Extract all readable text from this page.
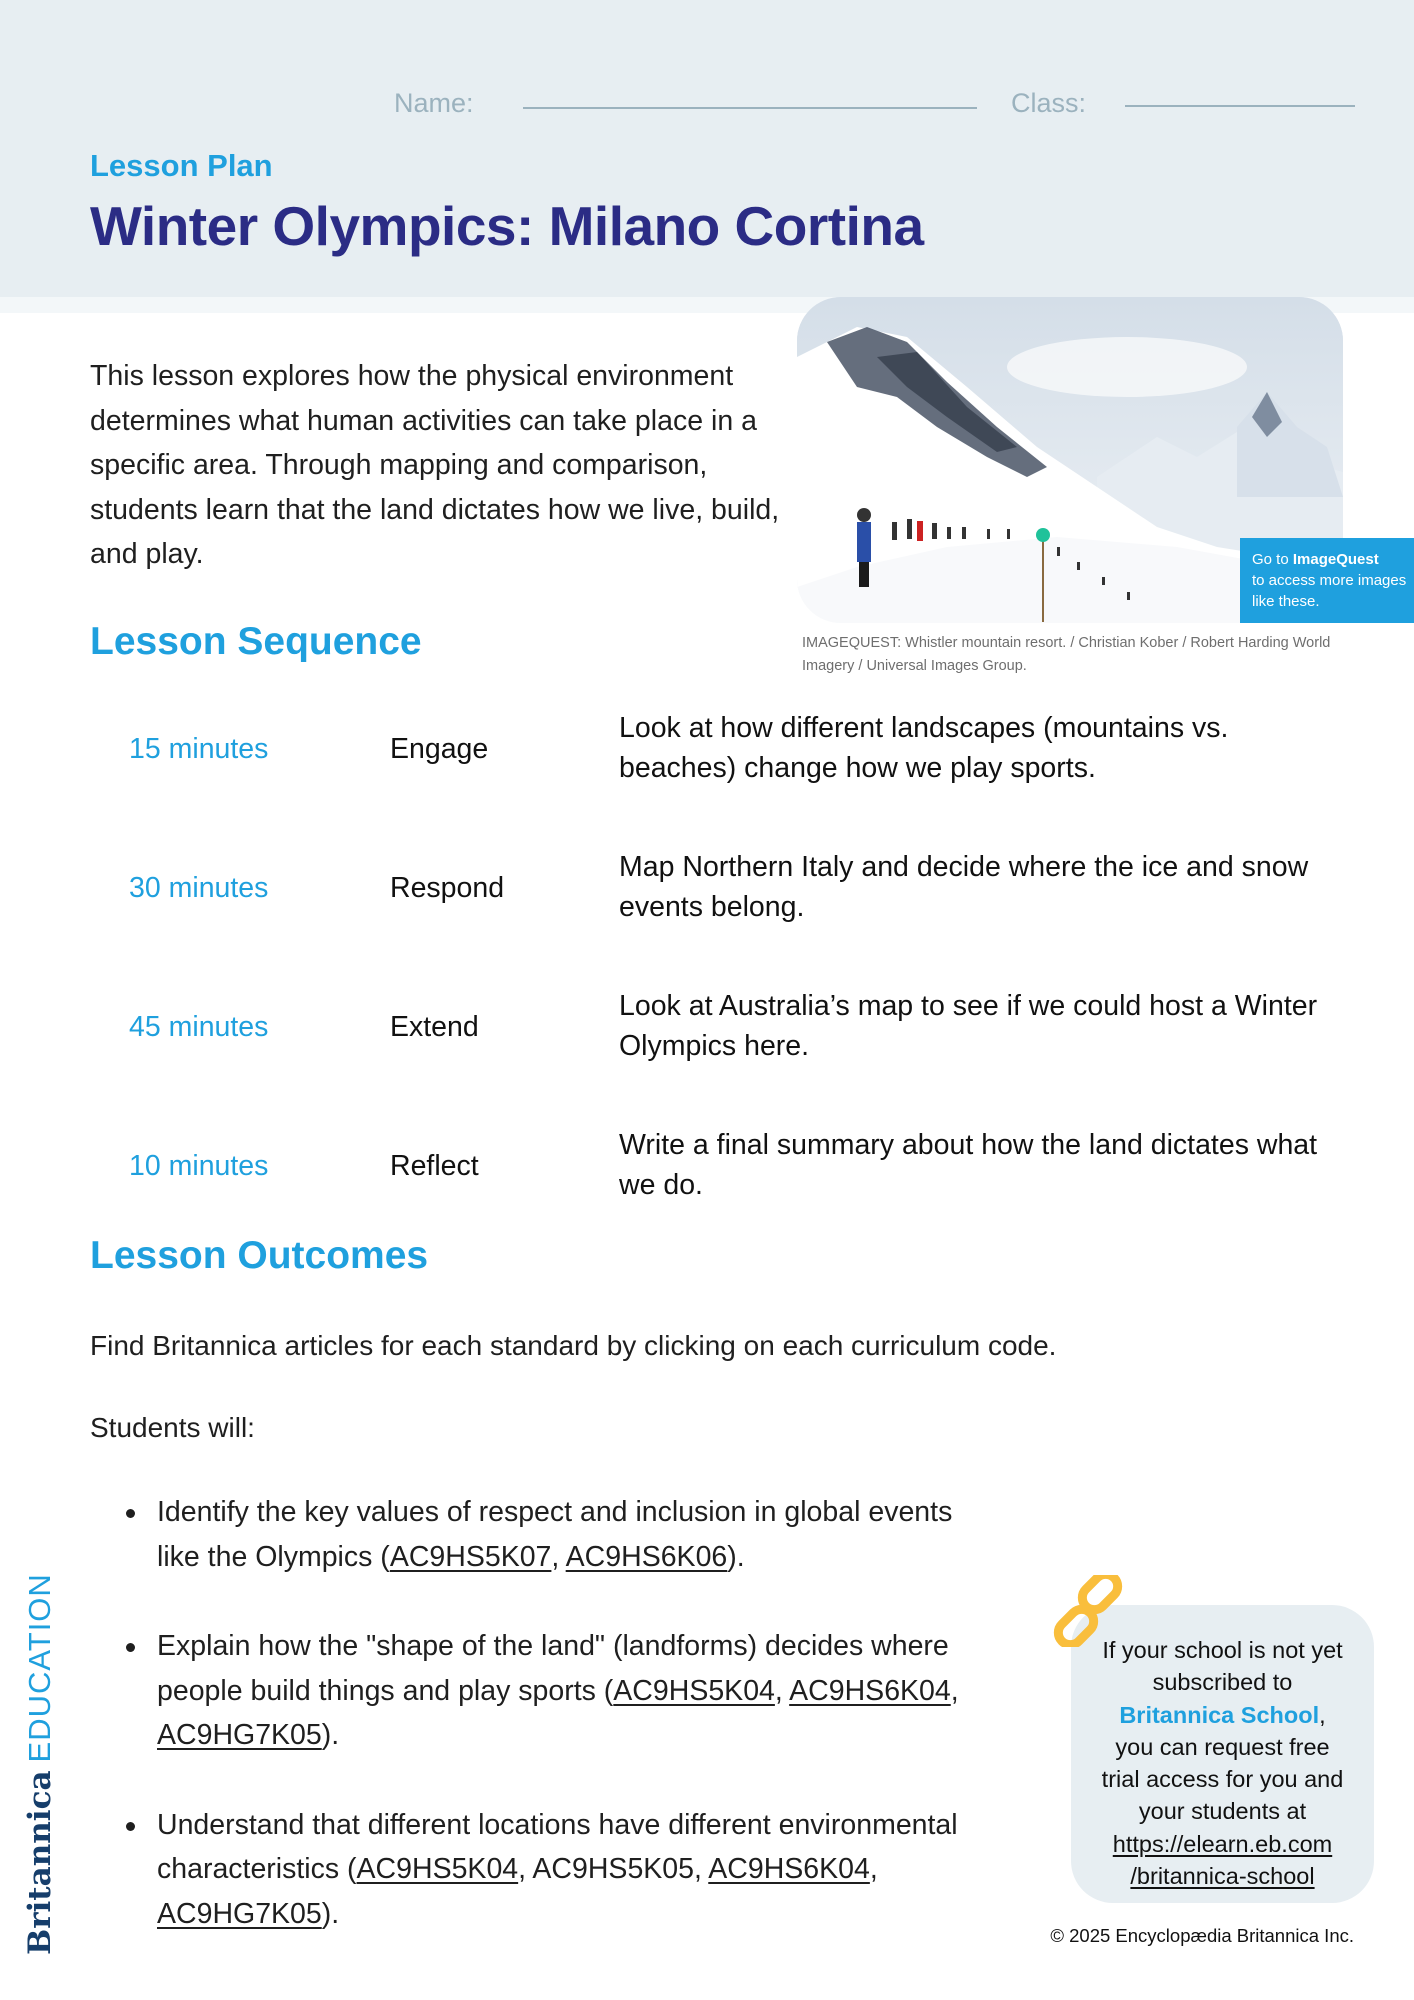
Name:	Class:
Lesson Plan
Winter Olympics: Milano Cortina

This lesson explores how the physical environment determines what human activities can take place in a specific area. Through mapping and comparison, students learn that the land dictates how we live, build, and play.	Go to ImageQuest
to access more images like these.

IMAGEQUEST: Whistler mountain resort. / Christian Kober / Robert Harding World Imagery / Universal Images Group.

Lesson Sequence
15 minutes	Engage
Look at how different landscapes (mountains vs. beaches) change how we play sports.
30 minutes	Respond
Map Northern Italy and decide where the ice and snow events belong.
45 minutes	Extend
Look at Australia’s map to see if we could host a Winter Olympics here.
10 minutes	Reflect
Write a final summary about how the land dictates what we do.
Lesson Outcomes

Find Britannica articles for each standard by clicking on each curriculum code.

Students will:

Identify the key values of respect and inclusion in global events like the Olympics (AC9HS5K07, AC9HS6K06).
Explain how the "shape of the land" (landforms) decides where people build things and play sports (AC9HS5K04, AC9HS6K04, AC9HG7K05).
Understand that different locations have different environmental characteristics (AC9HS5K04, AC9HS5K05, AC9HS6K04, AC9HG7K05).
If your school is not yet subscribed to
Britannica School,
you can request free trial access for you and your students at
https://elearn.eb.com
/britannica-school
© 2025 Encyclopædia Britannica Inc.
BritannicaEDUCATION
